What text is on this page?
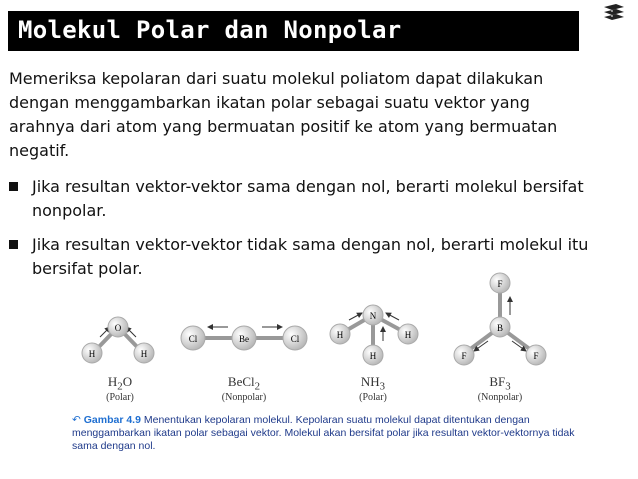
Molekul Polar dan Nonpolar

Memeriksa kepolaran dari suatu molekul poliatom dapat dilakukan dengan menggambarkan ikatan polar sebagai suatu vektor yang arahnya dari atom yang bermuatan positif ke atom yang bermuatan negatif.

Jika resultan vektor-vektor sama dengan nol, berarti molekul bersifat nonpolar.
Jika resultan vektor-vektor tidak sama dengan nol, berarti molekul itu bersifat polar.
O
H	H
Cl	Be	Cl
N
H	H
H
F
B
F	F
$H_2O$
(Polar)
BeCl$_2$
(Nonpolar)
$NH_3$
(Polar)
$BF_3$
(Nonpolar)
↶ Gambar 4.9 Menentukan kepolaran molekul. Kepolaran suatu molekul dapat ditentukan dengan menggambarkan ikatan polar sebagai vektor. Molekul akan bersifat polar jika resultan vektor-vektornya tidak sama dengan nol.
